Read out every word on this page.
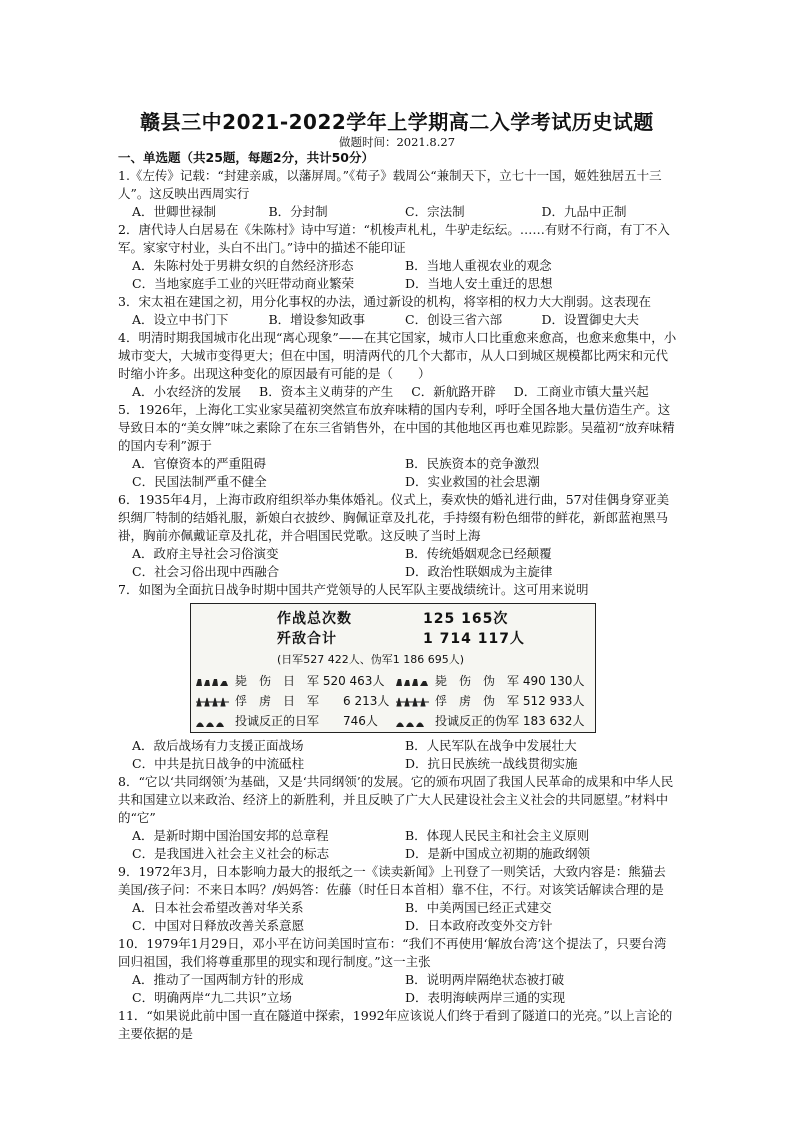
赣县三中2021-2022学年上学期高二入学考试历史试题
做题时间：2021.8.27
一、单选题（共25题，每题2分，共计50分）

1.《左传》记载：“封建亲戚，以藩屏周。”《荀子》载周公“兼制天下，立七十一国，姬姓独居五十三人”。这反映出西周实行

A．世卿世禄制	B．分封制	C．宗法制	D．九品中正制

2．唐代诗人白居易在《朱陈村》诗中写道：“机梭声札札，牛驴走纭纭。……有财不行商，有丁不入军。家家守村业，头白不出门。”诗中的描述不能印证

A．朱陈村处于男耕女织的自然经济形态	B．当地人重视农业的观念
C．当地家庭手工业的兴旺带动商业繁荣	D．当地人安土重迁的思想

3．宋太祖在建国之初，用分化事权的办法，通过新设的机构，将宰相的权力大大削弱。这表现在

A．设立中书门下	B．增设参知政事	C．创设三省六部	D．设置御史大夫

4．明清时期我国城市化出现“离心现象”——在其它国家，城市人口比重愈来愈高，也愈来愈集中，小城市变大，大城市变得更大；但在中国，明清两代的几个大都市，从人口到城区规模都比两宋和元代时缩小许多。出现这种变化的原因最有可能的是（　　）

A．小农经济的发展 B．资本主义萌芽的产生 C．新航路开辟 D．工商业市镇大量兴起

5．1926年，上海化工实业家吴蕴初突然宣布放弃味精的国内专利，呼吁全国各地大量仿造生产。这导致日本的“美女牌”味之素除了在东三省销售外，在中国的其他地区再也难见踪影。吴蕴初“放弃味精的国内专利”源于

A．官僚资本的严重阻碍	B．民族资本的竞争激烈
C．民国法制严重不健全	D．实业救国的社会思潮

6．1935年4月，上海市政府组织举办集体婚礼。仪式上，奏欢快的婚礼进行曲，57对佳偶身穿亚美织绸厂特制的结婚礼服，新娘白衣披纱、胸佩证章及扎花，手持缀有粉色细带的鲜花，新郎蓝袍黑马褂，胸前亦佩戴证章及扎花，并合唱国民党歌。这反映了当时上海

A．政府主导社会习俗演变	B．传统婚姻观念已经颠覆
C．社会习俗出现中西融合	D．政治性联姻成为主旋律

7．如图为全面抗日战争时期中国共产党领导的人民军队主要战绩统计。这可用来说明

作战总次数	125 165次
歼敌合计	1 714 117人
(日军527 422人、伪军1 186 695人)
毙　伤　日　军 520 463人	毙　伤　伪　军 490 130人
俘　虏　日　军　　6 213人	俘　虏　伪　军 512 933人
投诚反正的日军　　746人	投诚反正的伪军 183 632人
A．敌后战场有力支援正面战场	B．人民军队在战争中发展壮大
C．中共是抗日战争的中流砥柱	D．抗日民族统一战线贯彻实施

8．“它以‘共同纲领’为基础，又是‘共同纲领’的发展。它的颁布巩固了我国人民革命的成果和中华人民共和国建立以来政治、经济上的新胜利，并且反映了广大人民建设社会主义社会的共同愿望。”材料中的“它”

A．是新时期中国治国安邦的总章程	B．体现人民民主和社会主义原则
C．是我国进入社会主义社会的标志	D．是新中国成立初期的施政纲领

9．1972年3月，日本影响力最大的报纸之一《读卖新闻》上刊登了一则笑话，大致内容是：熊猫去美国/孩子问：不来日本吗？/妈妈答：佐藤（时任日本首相）靠不住，不行。对该笑话解读合理的是

A．日本社会希望改善对华关系	B．中美两国已经正式建交
C．中国对日释放改善关系意愿	D．日本政府改变外交方针

10．1979年1月29日，邓小平在访问美国时宣布：“我们不再使用‘解放台湾’这个提法了，只要台湾回归祖国，我们将尊重那里的现实和现行制度。”这一主张

A．推动了一国两制方针的形成	B．说明两岸隔绝状态被打破
C．明确两岸“九二共识”立场	D．表明海峡两岸三通的实现

11．“如果说此前中国一直在隧道中探索，1992年应该说人们终于看到了隧道口的光亮。”以上言论的主要依据的是
